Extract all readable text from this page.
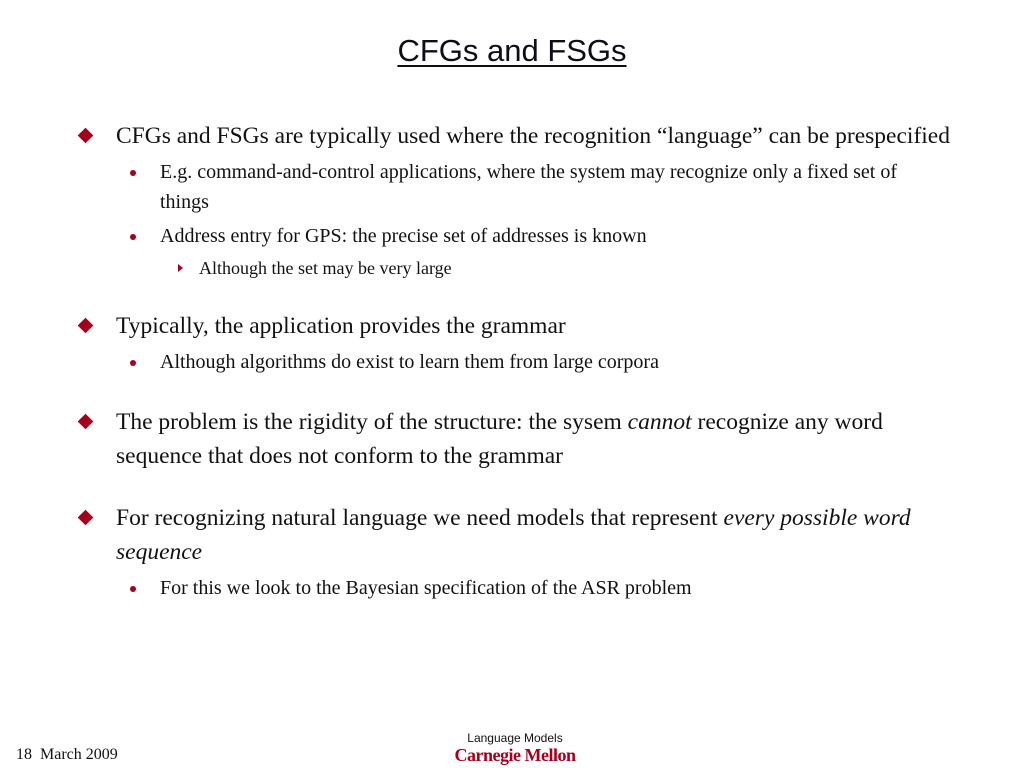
CFGs and FSGs
CFGs and FSGs are typically used where the recognition “language” can be prespecified
E.g. command-and-control applications, where the system may recognize only a fixed set of things
Address entry for GPS: the precise set of addresses is known
Although the set may be very large
Typically, the application provides the grammar
Although algorithms do exist to learn them from large corpora
The problem is the rigidity of the structure: the sysem cannot recognize any word sequence that does not conform to the grammar
For recognizing natural language we need models that represent every possible word sequence
For this we look to the Bayesian specification of the ASR problem
18  March 2009
Language Models
Carnegie Mellon
